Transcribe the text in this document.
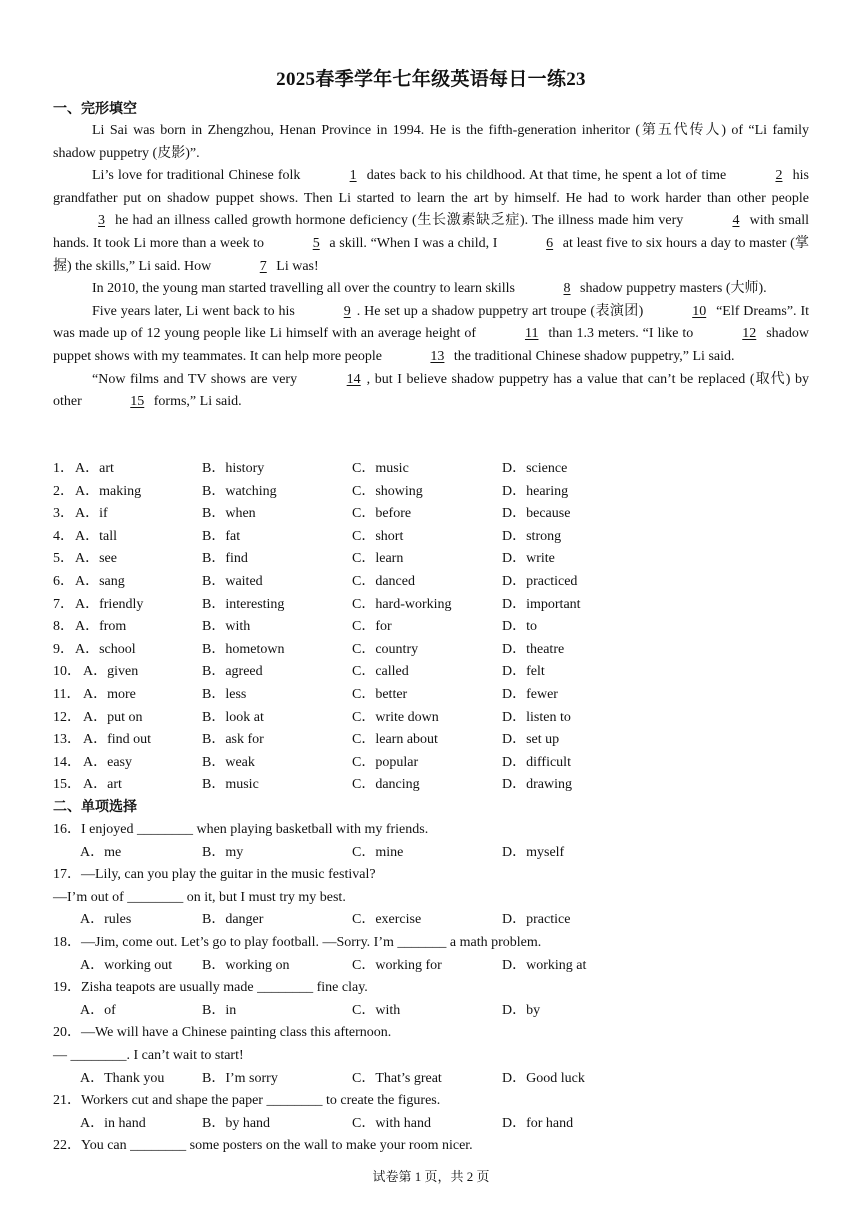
2025春季学年七年级英语每日一练23
一、完形填空

Li Sai was born in Zhengzhou, Henan Province in 1994. He is the fifth-generation inheritor (第五代传人) of “Li family shadow puppetry (皮影)”.

Li’s love for traditional Chinese folk	1 dates back to his childhood. At that time, he spent a lot of time	2 his grandfather put on shadow puppet shows. Then Li started to learn the art by himself. He had to work harder than other people 3 he had an illness called growth hormone deficiency (生长激素缺乏症). The illness made him very	4 with small hands. It took Li more than a week to	5 a skill. “When I was a child, I	6 at least five to six hours a day to master (掌握) the skills,” Li said. How	7 Li was!

In 2010, the young man started travelling all over the country to learn skills	8 shadow puppetry masters (大师).

Five years later, Li went back to his	9 . He set up a shadow puppetry art troupe (表演团)	10 “Elf Dreams”. It was made up of 12 young people like Li himself with an average height of	11 than 1.3 meters. “I like to	12 shadow puppet shows with my teammates. It can help more people	13 the traditional Chinese shadow puppetry,” Li said.

“Now films and TV shows are very	14 , but I believe shadow puppetry has a value that can’t be replaced (取代) by other	15 forms,” Li said.

1． A．art	B．history	C．music	D．science
2． A．making	B．watching	C．showing	D．hearing
3． A．if	B．when	C．before	D．because
4． A．tall	B．fat	C．short	D．strong
5． A．see	B．find	C．learn	D．write
6． A．sang	B．waited	C．danced	D．practiced
7． A．friendly	B．interesting	C．hard-working	D．important
8． A．from	B．with	C．for	D．to
9． A．school	B．hometown	C．country	D．theatre
10． A．given	B．agreed	C．called	D．felt
11． A．more	B．less	C．better	D．fewer
12． A．put on	B．look at	C．write down	D．listen to
13． A．find out	B．ask for	C．learn about	D．set up
14． A．easy	B．weak	C．popular	D．difficult
15． A．art	B．music	C．dancing	D．drawing
二、单项选择
16．I enjoyed ________ when playing basketball with my friends.
A．me	B．my	C．mine	D．myself
17．—Lily, can you play the guitar in the music festival?
—I’m out of ________ on it, but I must try my best.
A．rules	B．danger	C．exercise	D．practice
18．—Jim, come out. Let’s go to play football. —Sorry. I’m _______ a math problem.
A．working out B．working on	C．working for	D．working at
19．Zisha teapots are usually made ________ fine clay.
A．of	B．in	C．with	D．by
20．—We will have a Chinese painting class this afternoon.
— ________. I can’t wait to start!
A．Thank you	B．I’m sorry	C．That’s great	D．Good luck
21．Workers cut and shape the paper ________ to create the figures.
A．in hand	B．by hand	C．with hand	D．for hand
22．You can ________ some posters on the wall to make your room nicer.
试卷第 1 页，共 2 页
